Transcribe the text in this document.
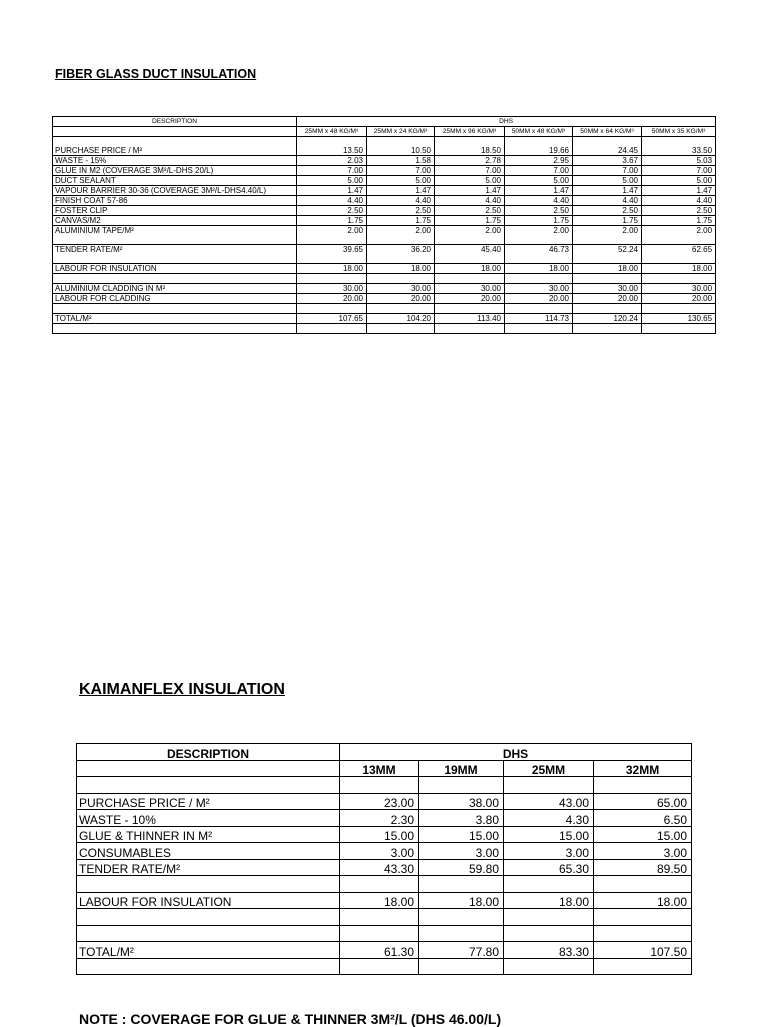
FIBER GLASS DUCT INSULATION
DESCRIPTION	DHS					
	25MM x 48 KG/M³	25MM x 24 KG/M³	25MM x 96 KG/M³	50MM x 48 KG/M³	50MM x 64 KG/M³	50MM x 35 KG/M³

PURCHASE PRICE / M²	13.50	10.50	18.50	19.66	24.45	33.50
WASTE - 15%	2.03	1.58	2.78	2.95	3.67	5.03
GLUE IN M2 (COVERAGE 3M²/L-DHS 20/L)	7.00	7.00	7.00	7.00	7.00	7.00
DUCT SEALANT	5.00	5.00	5.00	5.00	5.00	5.00
VAPOUR BARRIER 30-36 (COVERAGE 3M²/L-DHS4.40/L)	1.47	1.47	1.47	1.47	1.47	1.47
FINISH COAT 57-86	4.40	4.40	4.40	4.40	4.40	4.40
FOSTER CLIP	2.50	2.50	2.50	2.50	2.50	2.50
CANVAS/M2	1.75	1.75	1.75	1.75	1.75	1.75
ALUMINIUM TAPE/M²	2.00	2.00	2.00	2.00	2.00	2.00

TENDER RATE/M²	39.65	36.20	45.40	46.73	52.24	62.65

LABOUR FOR INSULATION	18.00	18.00	18.00	18.00	18.00	18.00

ALUMINIUM CLADDING IN M²	30.00	30.00	30.00	30.00	30.00	30.00
LABOUR FOR CLADDING	20.00	20.00	20.00	20.00	20.00	20.00

TOTAL/M²	107.65	104.20	113.40	114.73	120.24	130.65

KAIMANFLEX INSULATION
DESCRIPTION	DHS			
	13MM	19MM	25MM	32MM

PURCHASE PRICE / M²	23.00	38.00	43.00	65.00
WASTE - 10%	2.30	3.80	4.30	6.50
GLUE & THINNER IN M²	15.00	15.00	15.00	15.00
CONSUMABLES	3.00	3.00	3.00	3.00
TENDER RATE/M²	43.30	59.80	65.30	89.50

LABOUR FOR INSULATION	18.00	18.00	18.00	18.00

TOTAL/M²	61.30	77.80	83.30	107.50

NOTE : COVERAGE FOR GLUE & THINNER 3M²/L (DHS 46.00/L)
